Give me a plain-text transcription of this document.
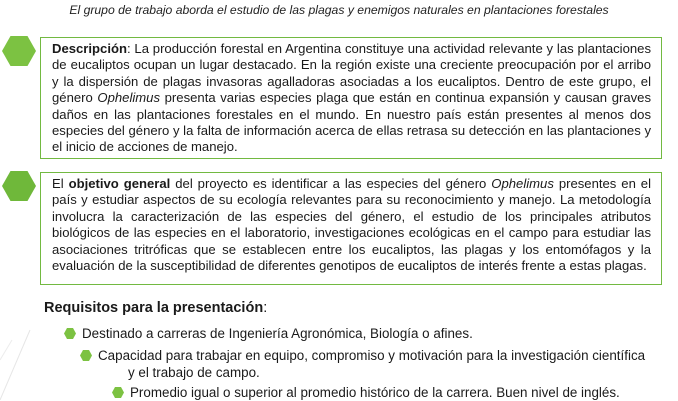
El grupo de trabajo aborda el estudio de las plagas y enemigos naturales en plantaciones forestales
Descripción: La producción forestal en Argentina constituye una actividad relevante y las plantaciones de eucaliptos ocupan un lugar destacado. En la región existe una creciente preocupación por el arribo y la dispersión de plagas invasoras agalladoras asociadas a los eucaliptos. Dentro de este grupo, el género Ophelimus presenta varias especies plaga que están en continua expansión y causan graves daños en las plantaciones forestales en el mundo. En nuestro país están presentes al menos dos especies del género y la falta de información acerca de ellas retrasa su detección en las plantaciones y el inicio de acciones de manejo.
El objetivo general del proyecto es identificar a las especies del género Ophelimus presentes en el país y estudiar aspectos de su ecología relevantes para su reconocimiento y manejo. La metodología involucra la caracterización de las especies del género, el estudio de los principales atributos biológicos de las especies en el laboratorio, investigaciones ecológicas en el campo para estudiar las asociaciones tritróficas que se establecen entre los eucaliptos, las plagas y los entomófagos y la evaluación de la susceptibilidad de diferentes genotipos de eucaliptos de interés frente a estas plagas.
Requisitos para la presentación:
Destinado a carreras de Ingeniería Agronómica, Biología o afines.
Capacidad para trabajar en equipo, compromiso y motivación para la investigación científica
y el trabajo de campo.
Promedio igual o superior al promedio histórico de la carrera. Buen nivel de inglés.
